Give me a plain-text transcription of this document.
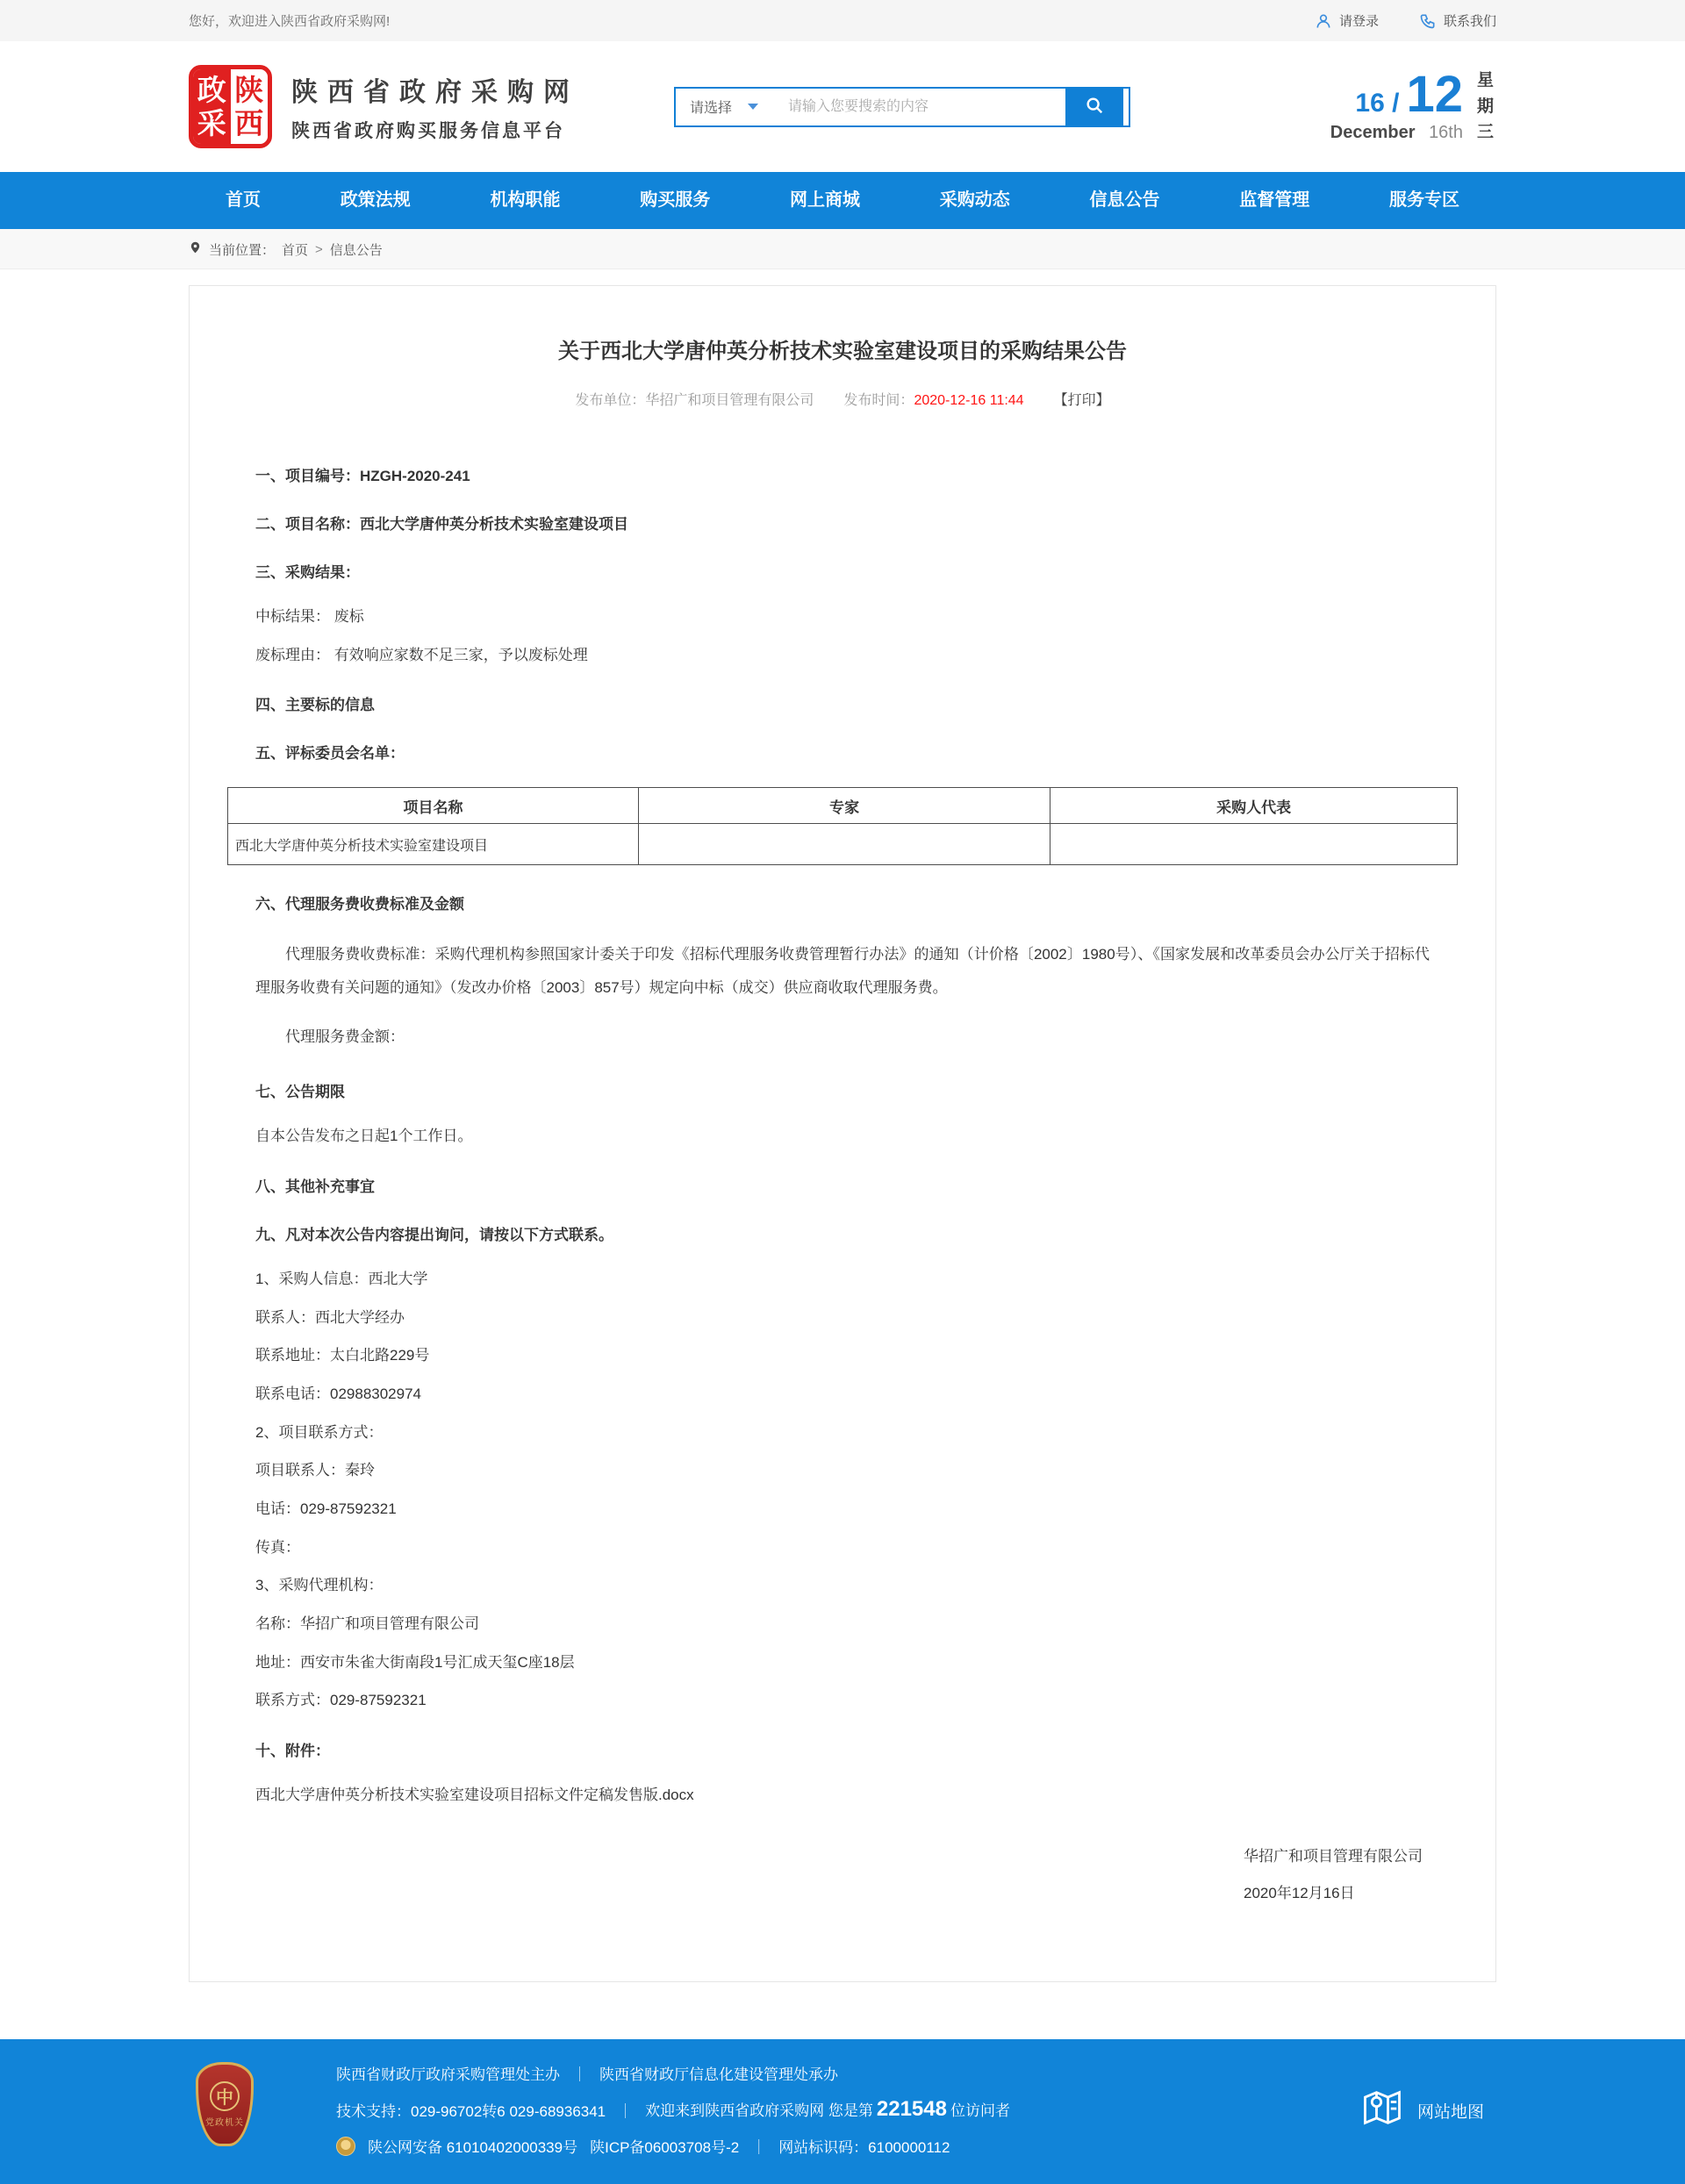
您好，欢迎进入陕西省政府采购网!	请登录	联系我们
政
采
陕
西
陕西省政府采购网
陕西省政府购买服务信息平台
请选择
请输入您要搜索的内容	16 / 12
December 16th
星期三
首页	政策法规	机构职能	购买服务	网上商城	采购动态	信息公告	监督管理	服务专区
当前位置： 首页 > 信息公告
关于西北大学唐仲英分析技术实验室建设项目的采购结果公告
发布单位：华招广和项目管理有限公司 发布时间：2020-12-16 11:44 【打印】
一、项目编号：HZGH-2020-241
二、项目名称：西北大学唐仲英分析技术实验室建设项目
三、采购结果：
中标结果： 废标
废标理由： 有效响应家数不足三家，予以废标处理
四、主要标的信息
五、评标委员会名单：
项目名称	专家	采购人代表
西北大学唐仲英分析技术实验室建设项目		
六、代理服务费收费标准及金额
代理服务费收费标准：采购代理机构参照国家计委关于印发《招标代理服务收费管理暂行办法》的通知（计价格〔2002〕1980号）、《国家发展和改革委员会办公厅关于招标代理服务收费有关问题的通知》（发改办价格〔2003〕857号）规定向中标（成交）供应商收取代理服务费。
代理服务费金额：
七、公告期限
自本公告发布之日起1个工作日。
八、其他补充事宜
九、凡对本次公告内容提出询问，请按以下方式联系。
1、采购人信息：西北大学
联系人：西北大学经办
联系地址：太白北路229号
联系电话：02988302974
2、项目联系方式：
项目联系人：秦玲
电话：029-87592321
传真：
3、采购代理机构：
名称：华招广和项目管理有限公司
地址：西安市朱雀大街南段1号汇成天玺C座18层
联系方式：029-87592321
十、附件：
西北大学唐仲英分析技术实验室建设项目招标文件定稿发售版.docx
华招广和项目管理有限公司
2020年12月16日
中
党政机关
陕西省财政厅政府采购管理处主办 ｜ 陕西省财政厅信息化建设管理处承办
技术支持：029-96702转6 029-68936341 ｜ 欢迎来到陕西省政府采购网 您是第 221548 位访问者
陕公网安备 61010402000339号 陕ICP备06003708号-2 ｜ 网站标识码：6100000112
网站地图
